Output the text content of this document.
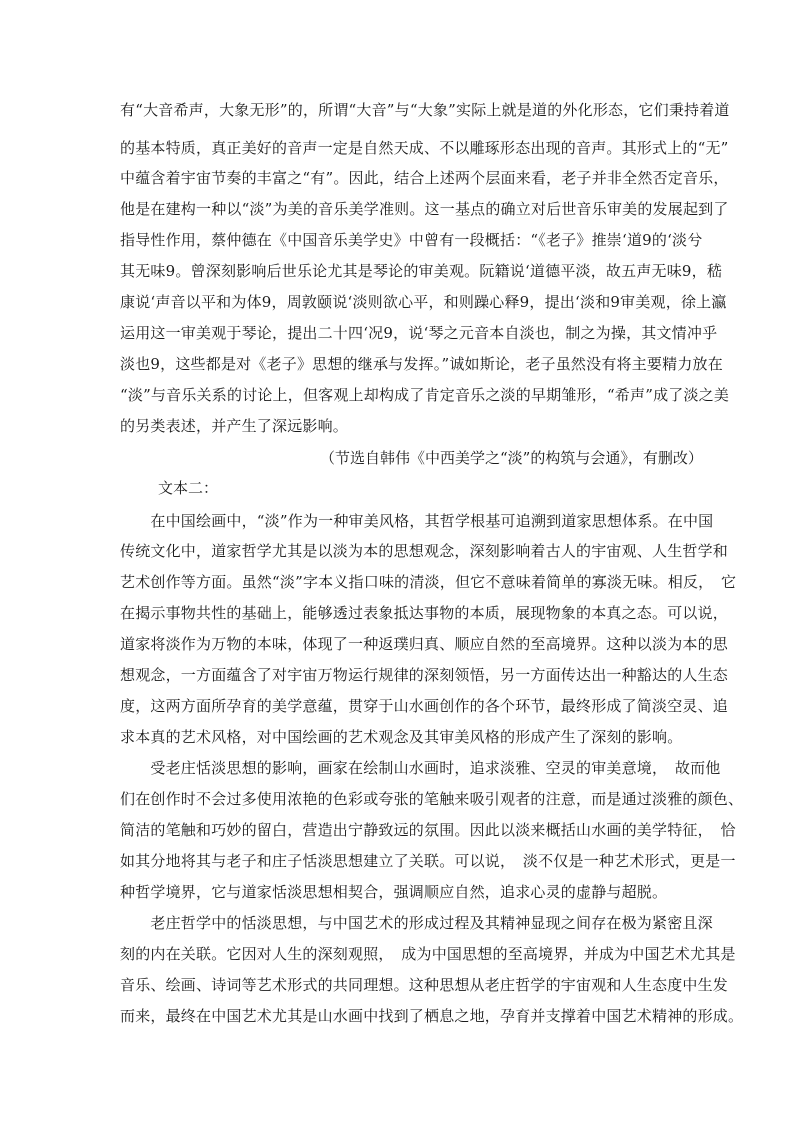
有“大音希声，大象无形”的，所谓“大音”与“大象”实际上就是道的外化形态，它们秉持着道
的基本特质，真正美好的音声一定是自然天成、不以雕琢形态出现的音声。其形式上的“无”
中蕴含着宇宙节奏的丰富之“有”。因此，结合上述两个层面来看，老子并非全然否定音乐，
他是在建构一种以“淡”为美的音乐美学准则。这一基点的确立对后世音乐审美的发展起到了
指导性作用，蔡仲德在《中国音乐美学史》中曾有一段概括：“《老子》推崇‘道9的‘淡兮
其无味9。曾深刻影响后世乐论尤其是琴论的审美观。阮籍说‘道德平淡，故五声无味9，嵇
康说‘声音以平和为体9，周敦颐说‘淡则欲心平，和则躁心释9，提出‘淡和9审美观，徐上瀛
运用这一审美观于琴论，提出二十四‘况9，说‘琴之元音本自淡也，制之为操，其文情冲乎
淡也9，这些都是对《老子》思想的继承与发挥。”诚如斯论，老子虽然没有将主要精力放在
“淡”与音乐关系的讨论上，但客观上却构成了肯定音乐之淡的早期雏形，“希声”成了淡之美
的另类表述，并产生了深远影响。
（节选自韩伟《中西美学之“淡”的构筑与会通》，有删改）
文本二：
　　在中国绘画中，“淡”作为一种审美风格，其哲学根基可追溯到道家思想体系。在中国
传统文化中，道家哲学尤其是以淡为本的思想观念，深刻影响着古人的宇宙观、人生哲学和
艺术创作等方面。虽然“淡”字本义指口味的清淡，但它不意味着简单的寡淡无味。相反，　它
在揭示事物共性的基础上，能够透过表象抵达事物的本质，展现物象的本真之态。可以说，
道家将淡作为万物的本味，体现了一种返璞归真、顺应自然的至高境界。这种以淡为本的思
想观念，一方面蕴含了对宇宙万物运行规律的深刻领悟，另一方面传达出一种豁达的人生态
度，这两方面所孕育的美学意蕴，贯穿于山水画创作的各个环节，最终形成了简淡空灵、追
求本真的艺术风格，对中国绘画的艺术观念及其审美风格的形成产生了深刻的影响。
　　受老庄恬淡思想的影响，画家在绘制山水画时，追求淡雅、空灵的审美意境，　故而他
们在创作时不会过多使用浓艳的色彩或夸张的笔触来吸引观者的注意，而是通过淡雅的颜色、
简洁的笔触和巧妙的留白，营造出宁静致远的氛围。因此以淡来概括山水画的美学特征，　恰
如其分地将其与老子和庄子恬淡思想建立了关联。可以说，　淡不仅是一种艺术形式，更是一
种哲学境界，它与道家恬淡思想相契合，强调顺应自然，追求心灵的虚静与超脱。
　　老庄哲学中的恬淡思想，与中国艺术的形成过程及其精神显现之间存在极为紧密且深
刻的内在关联。它因对人生的深刻观照，　成为中国思想的至高境界，并成为中国艺术尤其是
音乐、绘画、诗词等艺术形式的共同理想。这种思想从老庄哲学的宇宙观和人生态度中生发
而来，最终在中国艺术尤其是山水画中找到了栖息之地，孕育并支撑着中国艺术精神的形成。
